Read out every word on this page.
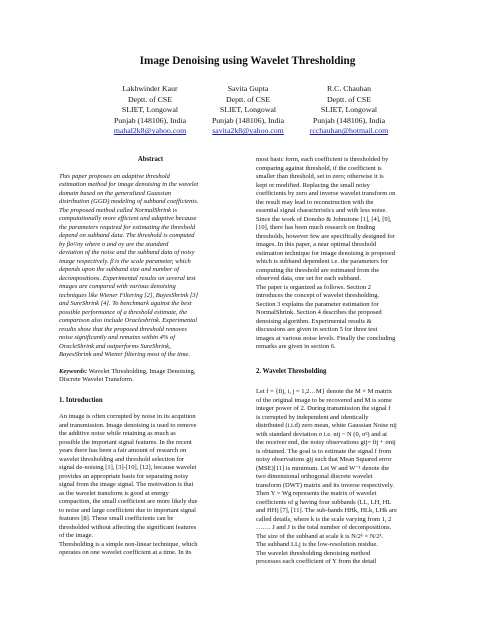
Image Denoising using Wavelet Thresholding
Lakhwinder Kaur
Deptt. of CSE
SLIET, Longowal
Punjab (148106), India
mahal2k8@yahoo.com
Savita Gupta
Deptt. of CSE
SLIET, Longowal
Punjab (148106), India
savita2k8@yahoo.com
R.C. Chauhan
Deptt. of CSE
SLIET, Longowal
Punjab (148106), India
rcchauhan@hotmail.com
Abstract

This paper proposes an adaptive threshold

estimation method for image denoising in the wavelet

domain based on the generalized Guassian

distribution (GGD) modeling of subband coefficients.

The proposed method called NormalShrink is

computationally more efficient and adaptive because

the parameters required for estimating the threshold

depend on subband data. The threshold is computed

by βσ²/σy where σ and σy are the standard

deviation of the noise and the subband data of noisy

image respectively. β is the scale parameter, which

depends upon the subband size and number of

decompositions. Experimental results on several test

images are compared with various denoising

techniques like Wiener Filtering [2], BayesShrink [3]

and SureShrink [4]. To benchmark against the best

possible performance of a threshold estimate, the

comparison also include Oracleshrink. Experimental

results show that the proposed threshold removes

noise significantly and remains within 4% of

OracleShrink and outperforms SureShrink,

BayesShrink and Wiener filtering most of the time.

Keywords: Wavelet Thresholding, Image Denoising,
Discrete Wavelet Transform.
1. Introduction

An image is often corrupted by noise in its acquition

and transmission. Image denoising is used to remove

the additive noise while retaining as much as

possible the important signal features. In the recent

years there has been a fair amount of research on

wavelet thresholding and threshold selection for

signal de-noising [1], [3]-[10], [12], because wavelet

provides an appropriate basis for separating noisy

signal from the image signal. The motivation is that

as the wavelet transform is good at energy

compaction, the small coefficient are more likely due

to noise and large coefficient due to important signal

features [8]. These small coefficients can be

thresholded without affecting the significant features

of the image.

Thresholding is a simple non-linear technique, which

operates on one wavelet coefficient at a time. In its

most basic form, each coefficient is thresholded by

comparing against threshold, if the coefficient is

smaller than threshold, set to zero; otherwise it is

kept or modified. Replacing the small noisy

coefficients by zero and inverse wavelet transform on

the result may lead to reconstruction with the

essential signal characteristics and with less noise.

Since the work of Donoho & Johnstone [1], [4], [9],

[10], there has been much research on finding

thresholds, however few are specifically designed for

images. In this paper, a near optimal threshold

estimation technique for image denoising is proposed

which is subband dependent i.e. the parameters for

computing the threshold are estimated from the

observed data, one set for each subband.

The paper is organized as follows. Section 2

introduces the concept of wavelet thresholding.

Section 3 explains the parameter estimation for

NormalShrink. Section 4 describes the proposed

denoising algorithm. Experimental results &

discussions are given in section 5 for three test

images at various noise levels. Finally the concluding

remarks are given in section 6.

2. Wavelet Thresholding

Let f = {fij, i, j = 1,2…M} denote the M × M matrix

of the original image to be recovered and M is some

integer power of 2. During transmission the signal f

is corrupted by independent and identically

distributed (i.i.d) zero mean, white Gaussian Noise nij

with standard deviation σ i.e. nij ~ N (0, σ²) and at

the receiver end, the noisy observations gij= fij + σnij

is obtained. The goal is to estimate the signal f from

noisy observations gij such that Mean Squared error

(MSE)[11] is minimum. Let W and W⁻¹ denote the

two dimensional orthogonal discrete wavelet

transform (DWT) matrix and its inverse respectively.

Then Y = Wg represents the matrix of wavelet

coefficients of g having four subbands (LL, LH, HL

and HH) [7], [11]. The sub-bands HHk, HLk, LHk are

called details, where k is the scale varying from 1, 2

……. J and J is the total number of decompositions.

The size of the subband at scale k is N/2ᵏ × N/2ᵏ.

The subband LLj is the low-resolution residue.

The wavelet thresholding denoising method

processes each coefficient of Y from the detail
